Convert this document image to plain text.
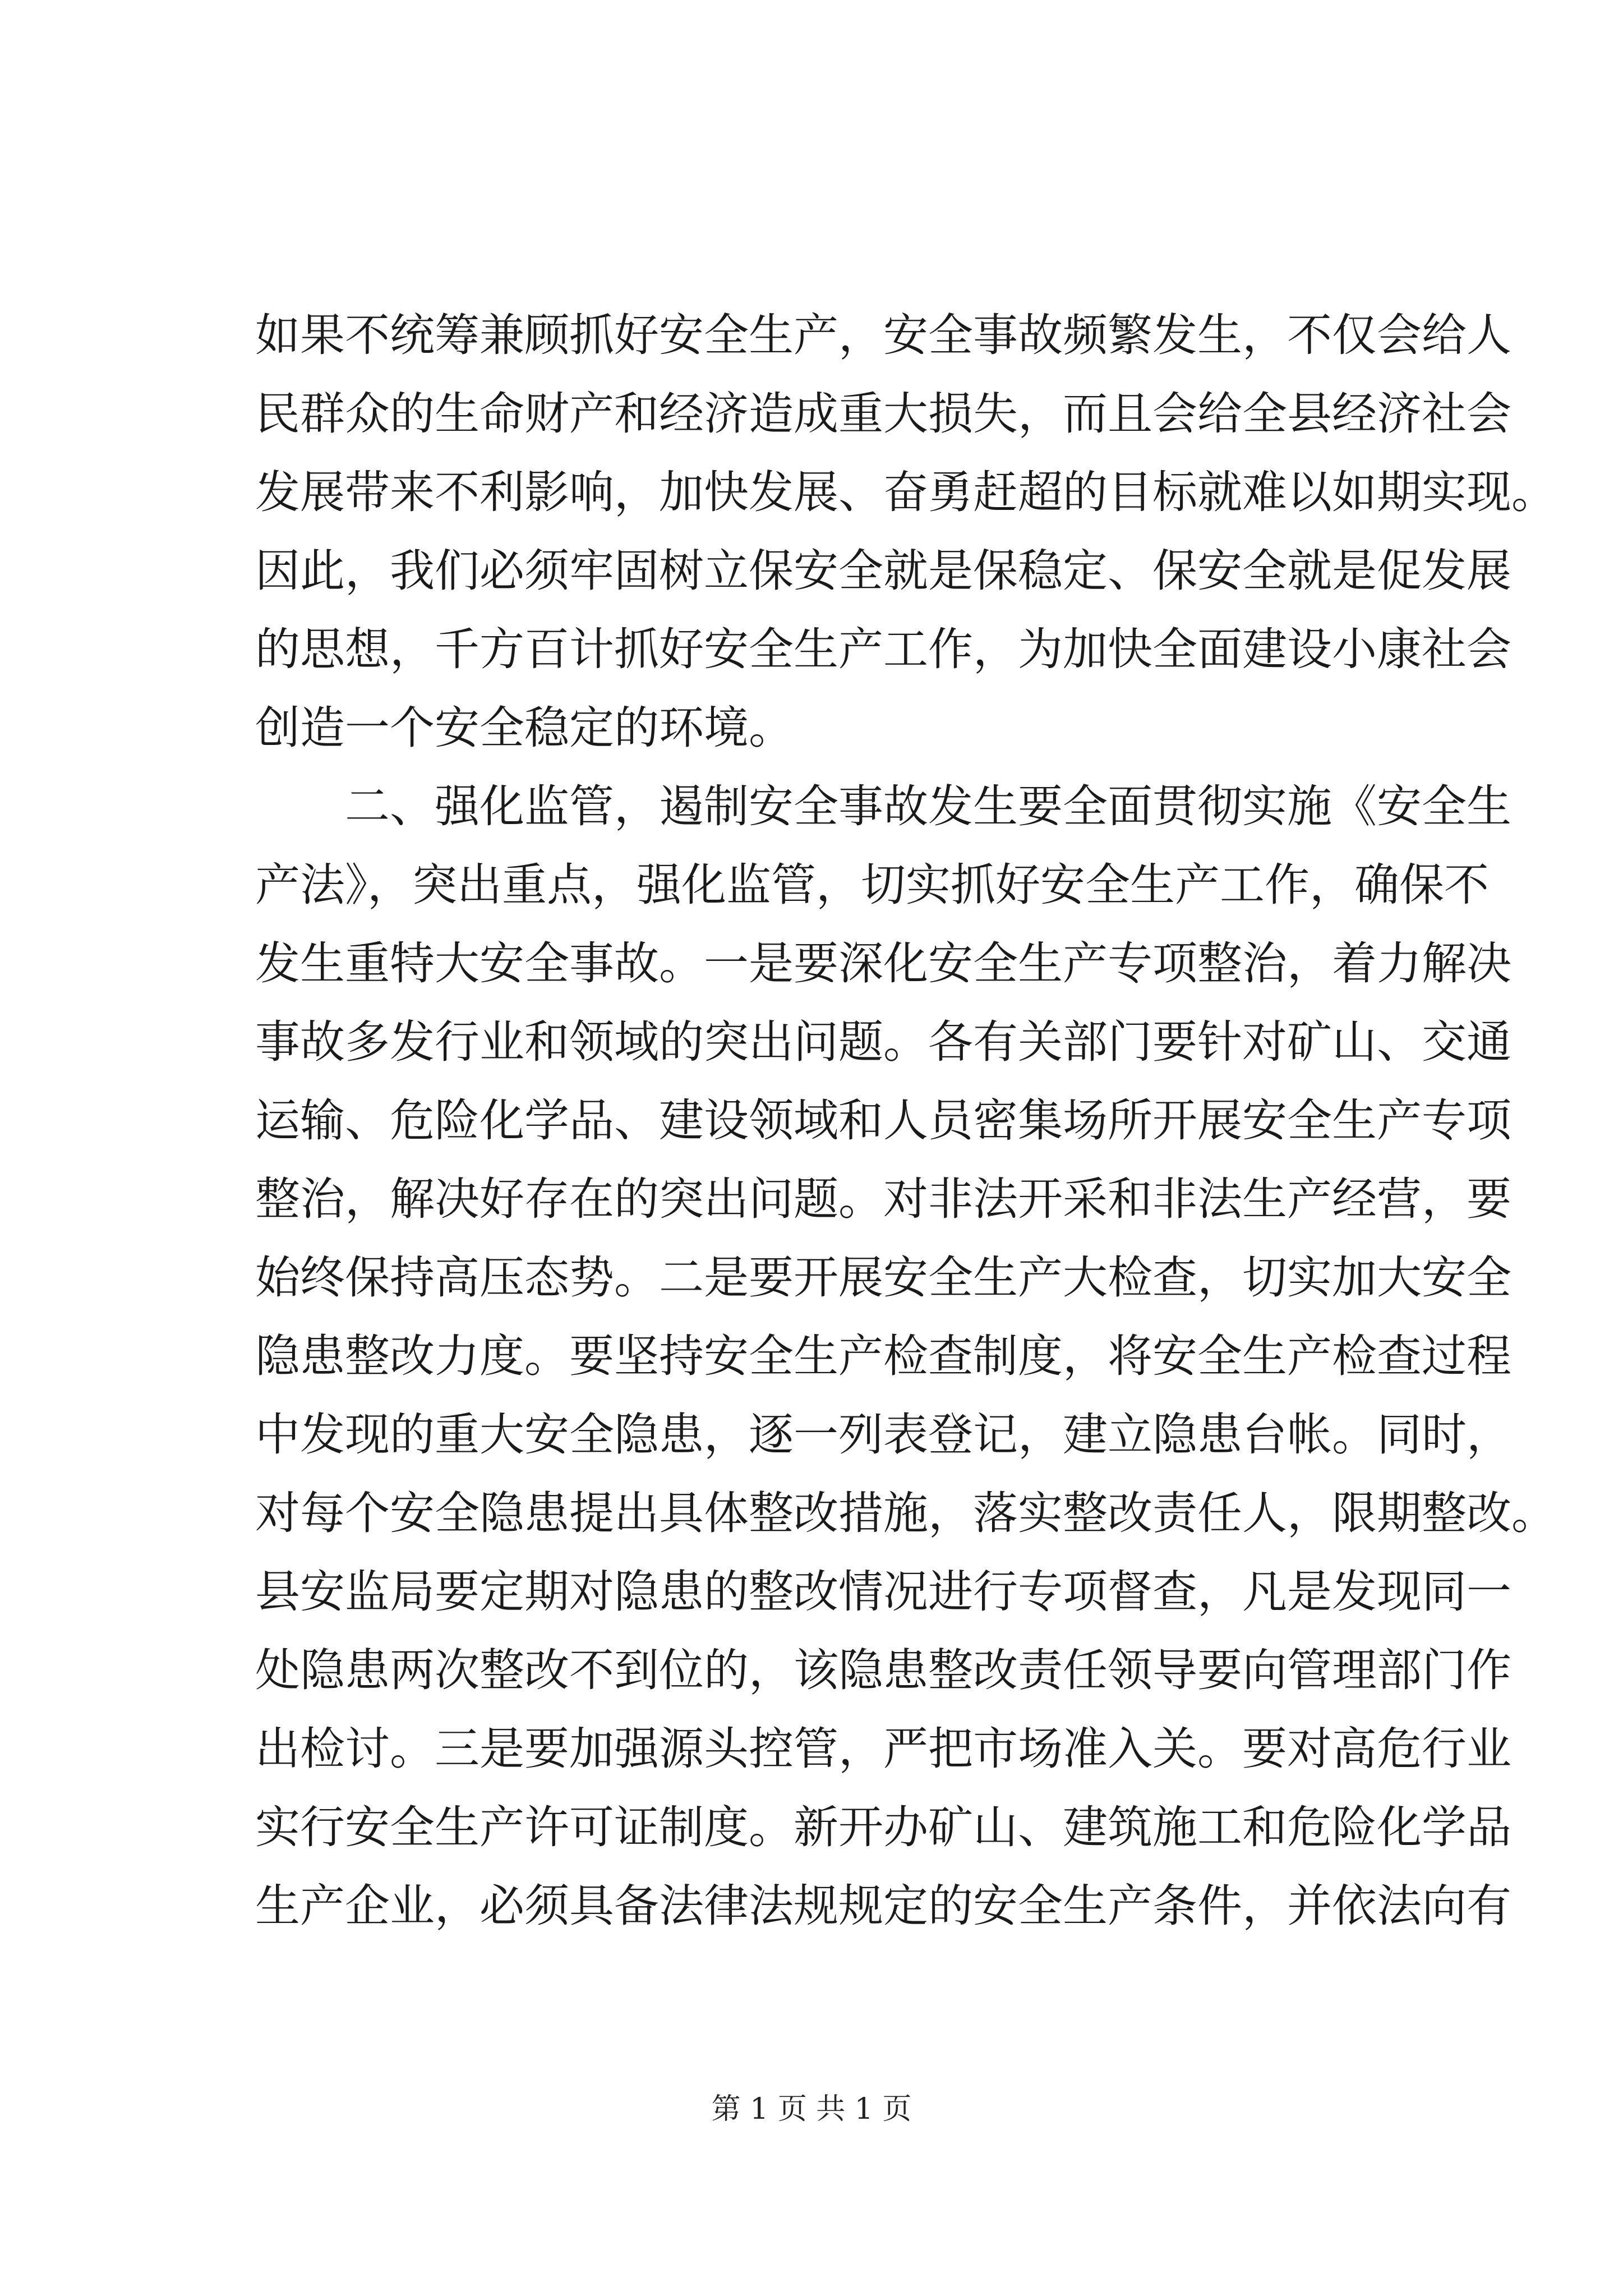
如果不统筹兼顾抓好安全生产，安全事故频繁发生，不仅会给人
民群众的生命财产和经济造成重大损失，而且会给全县经济社会
发展带来不利影响，加快发展、奋勇赶超的目标就难以如期实现。
因此，我们必须牢固树立保安全就是保稳定、保安全就是促发展
的思想，千方百计抓好安全生产工作，为加快全面建设小康社会
创造一个安全稳定的环境。
二、强化监管，遏制安全事故发生要全面贯彻实施《安全生
产法》，突出重点，强化监管，切实抓好安全生产工作，确保不
发生重特大安全事故。一是要深化安全生产专项整治，着力解决
事故多发行业和领域的突出问题。各有关部门要针对矿山、交通
运输、危险化学品、建设领域和人员密集场所开展安全生产专项
整治，解决好存在的突出问题。对非法开采和非法生产经营，要
始终保持高压态势。二是要开展安全生产大检查，切实加大安全
隐患整改力度。要坚持安全生产检查制度，将安全生产检查过程
中发现的重大安全隐患，逐一列表登记，建立隐患台帐。同时，
对每个安全隐患提出具体整改措施，落实整改责任人，限期整改。
县安监局要定期对隐患的整改情况进行专项督查，凡是发现同一
处隐患两次整改不到位的，该隐患整改责任领导要向管理部门作
出检讨。三是要加强源头控管，严把市场准入关。要对高危行业
实行安全生产许可证制度。新开办矿山、建筑施工和危险化学品
生产企业，必须具备法律法规规定的安全生产条件，并依法向有
第 1 页 共 1 页
